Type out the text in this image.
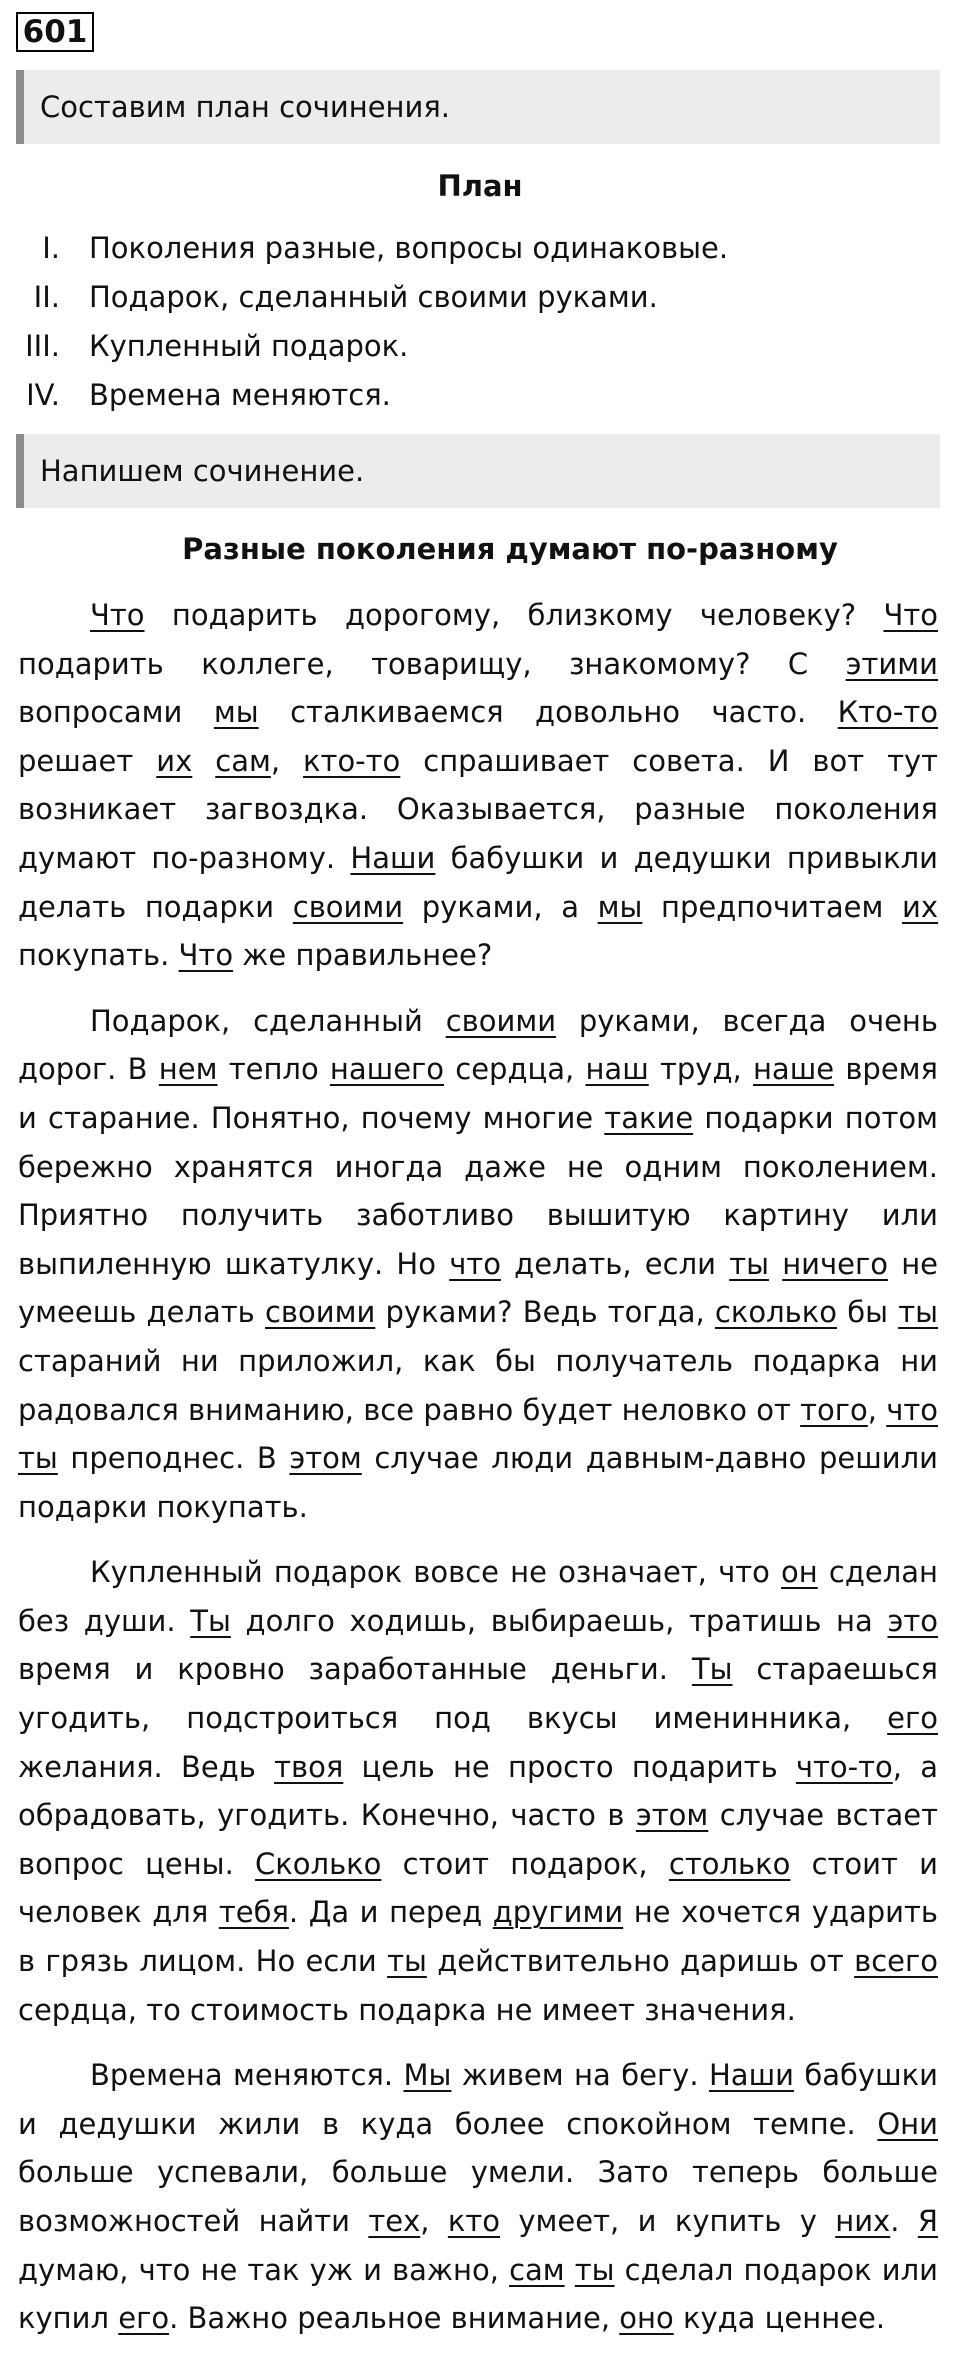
601
Составим план сочинения.
План
I. Поколения разные, вопросы одинаковые.
II. Подарок, сделанный своими руками.
III. Купленный подарок.
IV. Времена меняются.
Напишем сочинение.
Разные поколения думают по-разному

Что подарить дорогому, близкому человеку? Что подарить коллеге, товарищу, знакомому? С этими вопросами мы сталкиваемся довольно часто. Кто-то решает их сам, кто-то спрашивает совета. И вот тут возникает загвоздка. Оказывается, разные поколения думают по-разному. Наши бабушки и дедушки привыкли делать подарки своими руками, а мы предпочитаем их покупать. Что же правильнее?

Подарок, сделанный своими руками, всегда очень дорог. В нем тепло нашего сердца, наш труд, наше время и старание. Понятно, почему многие такие подарки потом бережно хранятся иногда даже не одним поколением. Приятно получить заботливо вышитую картину или выпиленную шкатулку. Но что делать, если ты ничего не умеешь делать своими руками? Ведь тогда, сколько бы ты стараний ни приложил, как бы получатель подарка ни радовался вниманию, все равно будет неловко от того, что ты преподнес. В этом случае люди давным-давно решили подарки покупать.

Купленный подарок вовсе не означает, что он сделан без души. Ты долго ходишь, выбираешь, тратишь на это время и кровно заработанные деньги. Ты стараешься угодить, подстроиться под вкусы именинника, его желания. Ведь твоя цель не просто подарить что-то, а обрадовать, угодить. Конечно, часто в этом случае встает вопрос цены. Сколько стоит подарок, столько стоит и человек для тебя. Да и перед другими не хочется ударить в грязь лицом. Но если ты действительно даришь от всего сердца, то стоимость подарка не имеет значения.

Времена меняются. Мы живем на бегу. Наши бабушки и дедушки жили в куда более спокойном темпе. Они больше успевали, больше умели. Зато теперь больше возможностей найти тех, кто умеет, и купить у них. Я думаю, что не так уж и важно, сам ты сделал подарок или купил его. Важно реальное внимание, оно куда ценнее.
